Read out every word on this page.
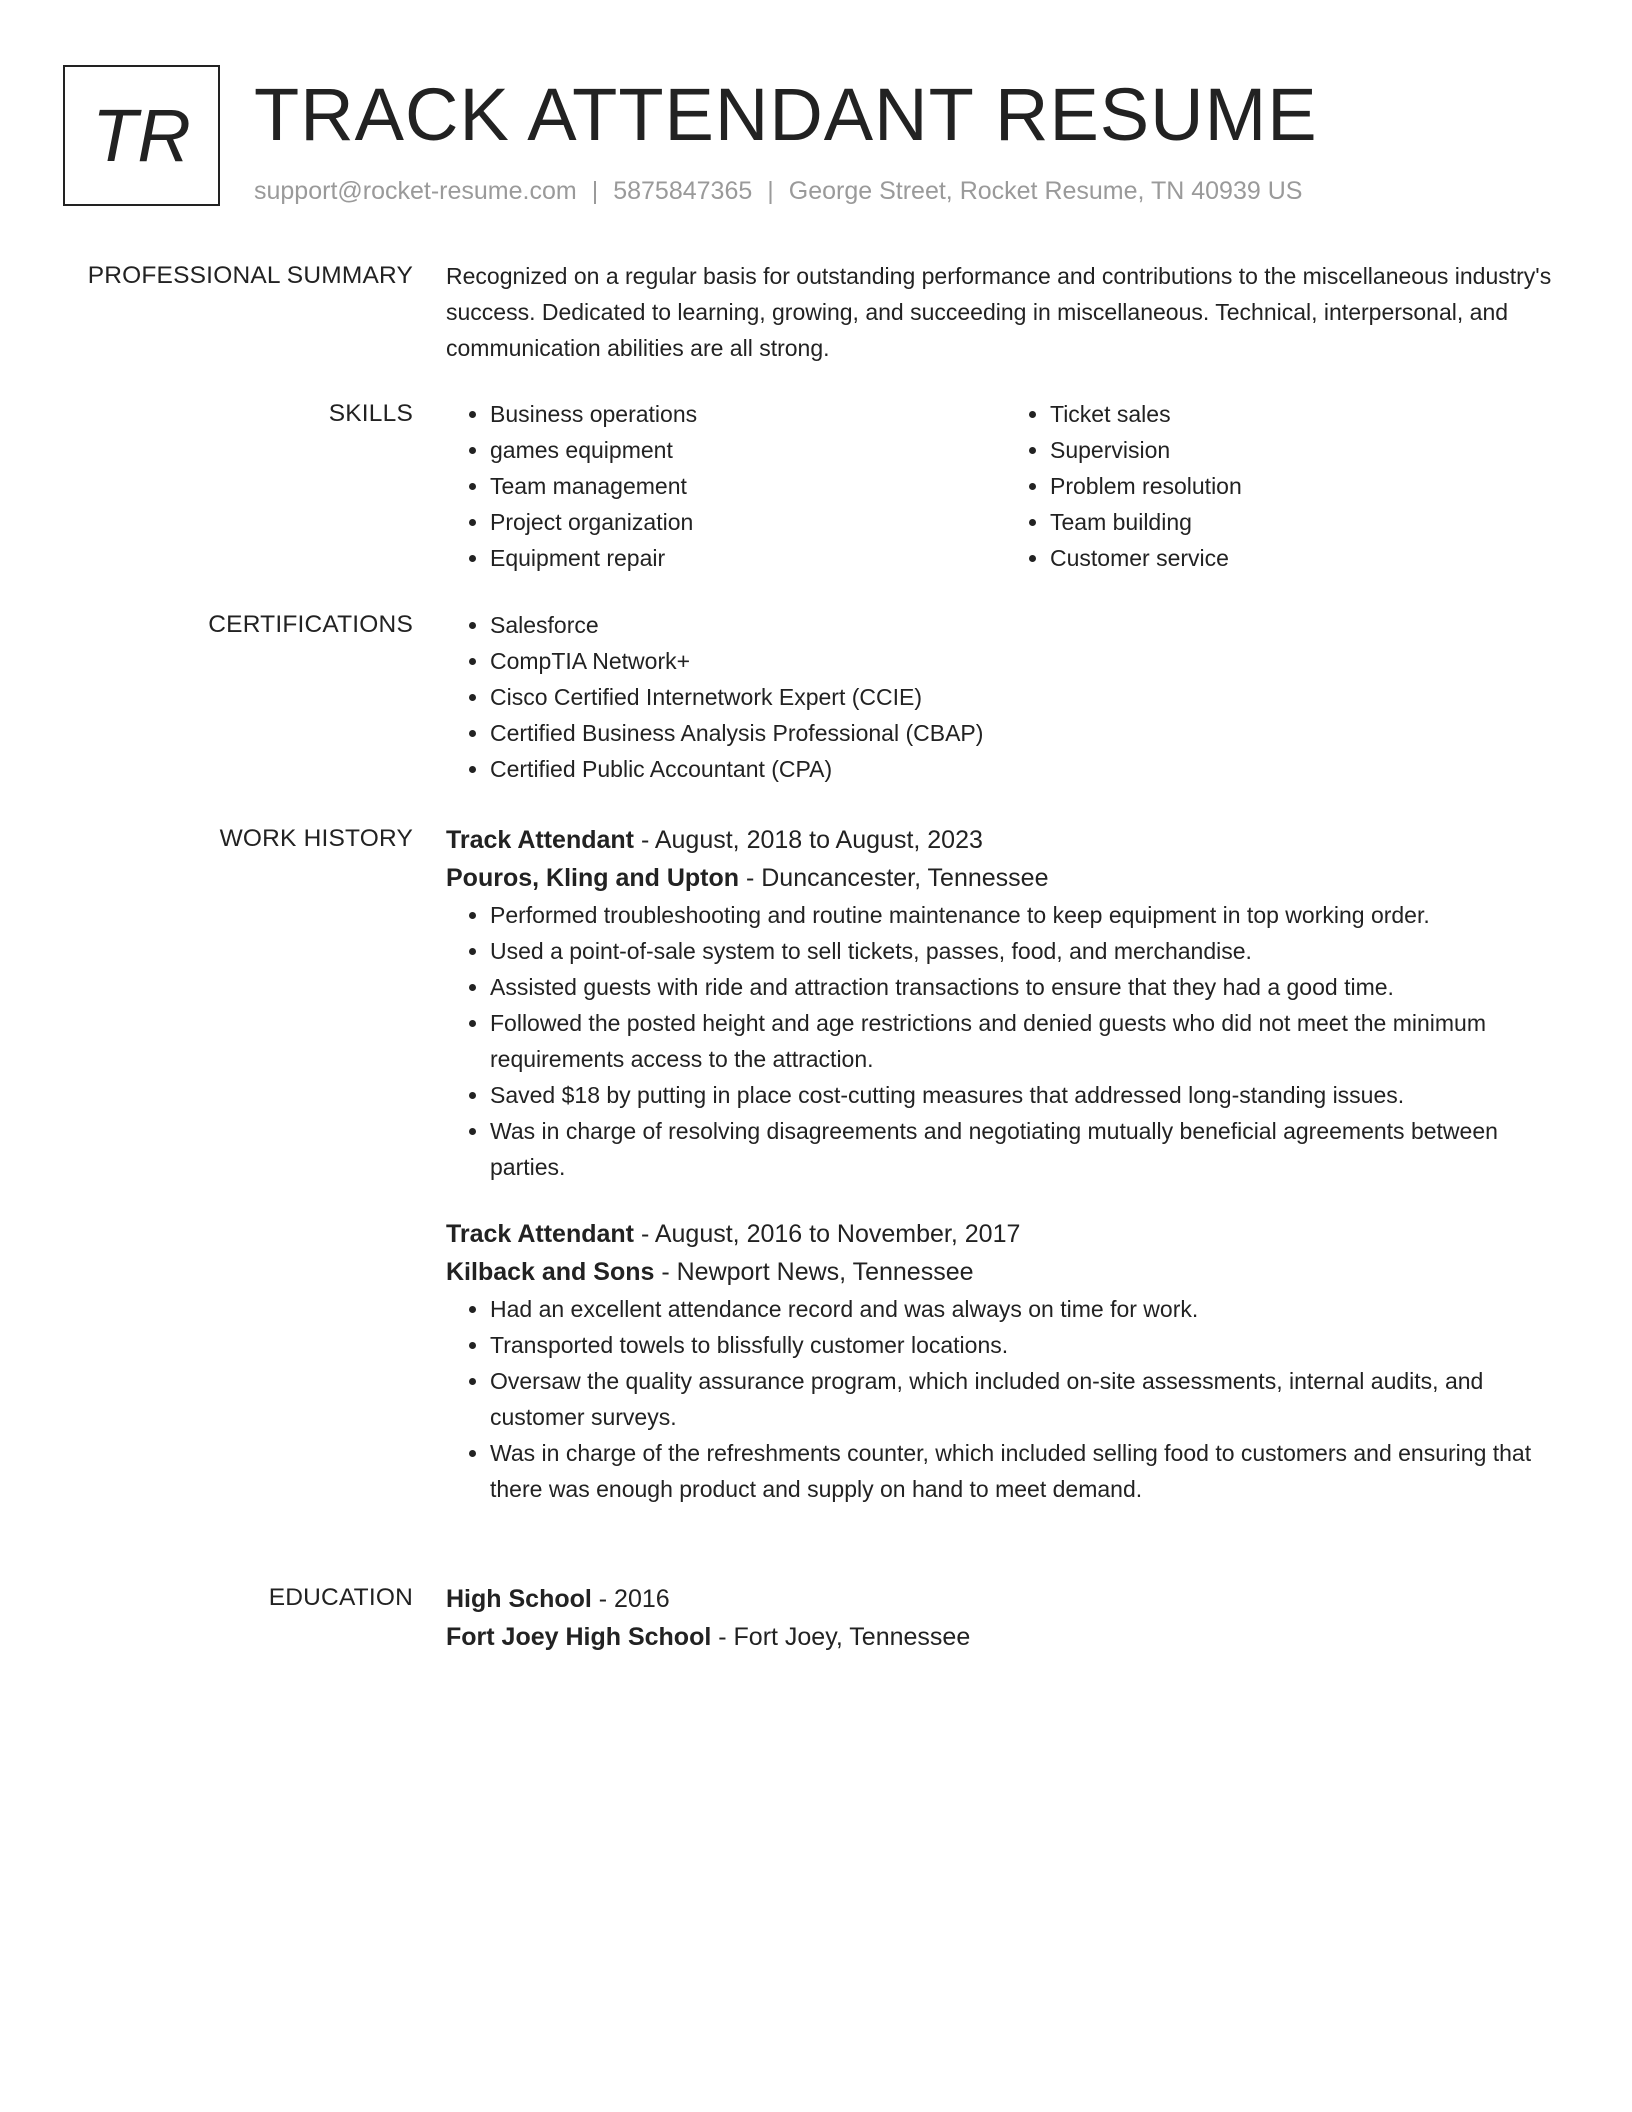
TR TRACK ATTENDANT RESUME
support@rocket-resume.com | 5875847365 | George Street, Rocket Resume, TN 40939 US
PROFESSIONAL SUMMARY Recognized on a regular basis for outstanding performance and contributions to the miscellaneous industry's success. Dedicated to learning, growing, and succeeding in miscellaneous. Technical, interpersonal, and communication abilities are all strong.

SKILLS	• Business operations
• games equipment
• Team management
• Project organization
• Equipment repair
• Ticket sales
• Supervision
• Problem resolution
• Team building
• Customer service
CERTIFICATIONS	• Salesforce
• CompTIA Network+
• Cisco Certified Internetwork Expert (CCIE)
• Certified Business Analysis Professional (CBAP)
• Certified Public Accountant (CPA)
WORK HISTORY Track Attendant - August, 2018 to August, 2023
Pouros, Kling and Upton - Duncancester, Tennessee
• Performed troubleshooting and routine maintenance to keep equipment in top working order.
• Used a point-of-sale system to sell tickets, passes, food, and merchandise.
• Assisted guests with ride and attraction transactions to ensure that they had a good time.
• Followed the posted height and age restrictions and denied guests who did not meet the minimum requirements access to the attraction.
• Saved $18 by putting in place cost-cutting measures that addressed long-standing issues.
• Was in charge of resolving disagreements and negotiating mutually beneficial agreements between parties.
Track Attendant - August, 2016 to November, 2017
Kilback and Sons - Newport News, Tennessee
• Had an excellent attendance record and was always on time for work.
• Transported towels to blissfully customer locations.
• Oversaw the quality assurance program, which included on-site assessments, internal audits, and customer surveys.
• Was in charge of the refreshments counter, which included selling food to customers and ensuring that there was enough product and supply on hand to meet demand.
EDUCATION High School - 2016
Fort Joey High School - Fort Joey, Tennessee
